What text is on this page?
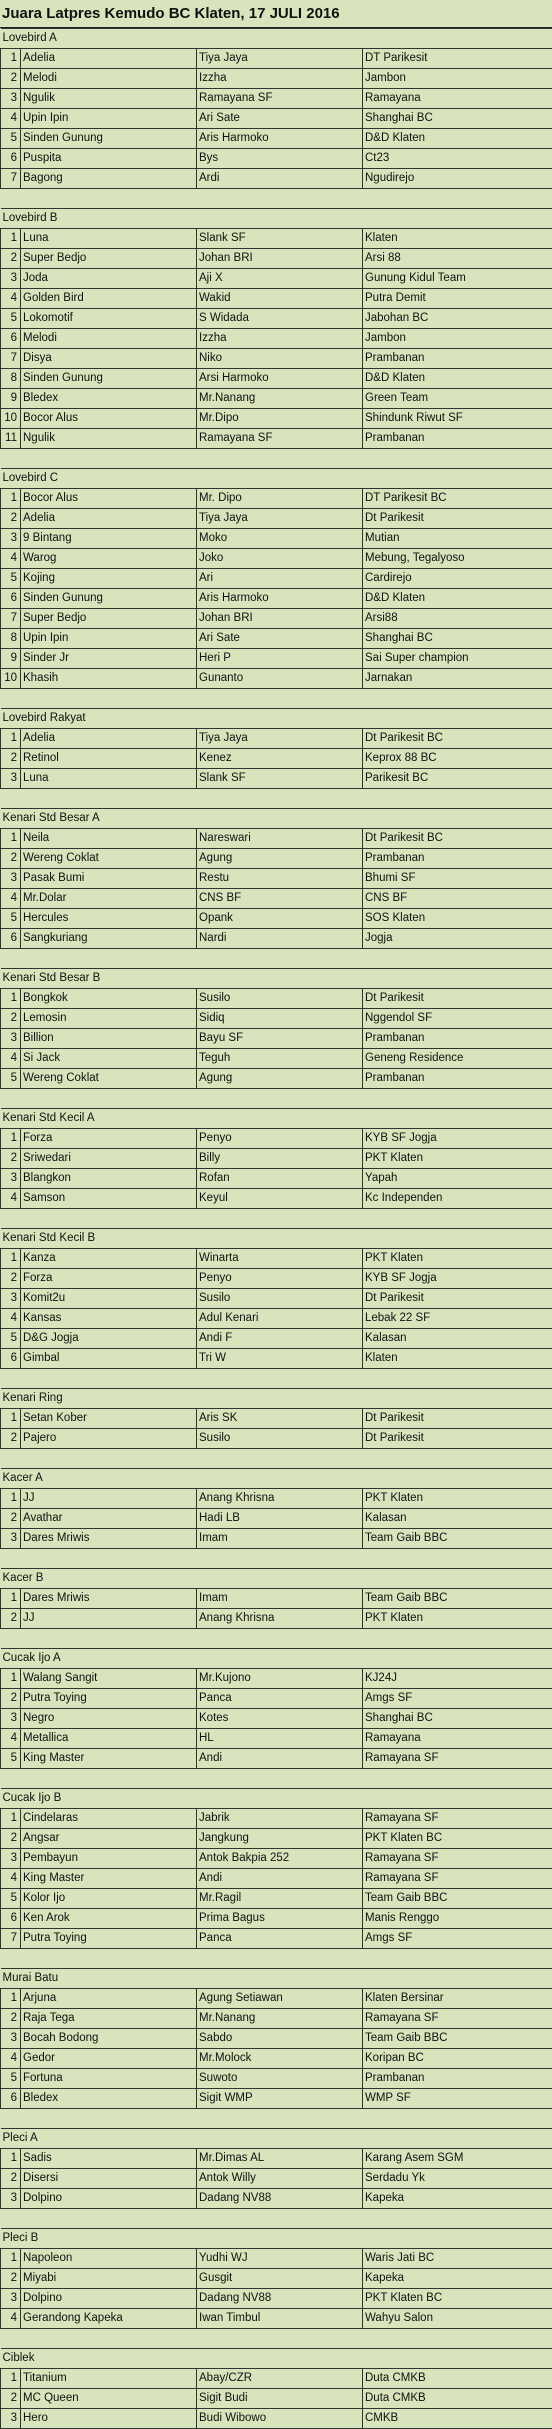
Juara Latpres Kemudo BC Klaten, 17 JULI 2016
Lovebird A			
1	Adelia	Tiya Jaya	DT Parikesit
2	Melodi	Izzha	Jambon
3	Ngulik	Ramayana SF	Ramayana
4	Upin Ipin	Ari Sate	Shanghai BC
5	Sinden Gunung	Aris Harmoko	D&D Klaten
6	Puspita	Bys	Ct23
7	Bagong	Ardi	Ngudirejo

Lovebird B			
1	Luna	Slank SF	Klaten
2	Super Bedjo	Johan BRI	Arsi 88
3	Joda	Aji X	Gunung Kidul Team
4	Golden Bird	Wakid	Putra Demit
5	Lokomotif	S Widada	Jabohan BC
6	Melodi	Izzha	Jambon
7	Disya	Niko	Prambanan
8	Sinden Gunung	Arsi Harmoko	D&D Klaten
9	Bledex	Mr.Nanang	Green Team
10	Bocor Alus	Mr.Dipo	Shindunk Riwut SF
11	Ngulik	Ramayana SF	Prambanan

Lovebird C			
1	Bocor Alus	Mr. Dipo	DT Parikesit BC
2	Adelia	Tiya Jaya	Dt Parikesit
3	9 Bintang	Moko	Mutian
4	Warog	Joko	Mebung, Tegalyoso
5	Kojing	Ari	Cardirejo
6	Sinden Gunung	Aris Harmoko	D&D Klaten
7	Super Bedjo	Johan BRI	Arsi88
8	Upin Ipin	Ari Sate	Shanghai BC
9	Sinder Jr	Heri P	Sai Super champion
10	Khasih	Gunanto	Jarnakan

Lovebird Rakyat			
1	Adelia	Tiya Jaya	Dt Parikesit BC
2	Retinol	Kenez	Keprox 88 BC
3	Luna	Slank SF	Parikesit BC

Kenari Std Besar A			
1	Neila	Nareswari	Dt Parikesit BC
2	Wereng Coklat	Agung	Prambanan
3	Pasak Bumi	Restu	Bhumi SF
4	Mr.Dolar	CNS BF	CNS BF
5	Hercules	Opank	SOS Klaten
6	Sangkuriang	Nardi	Jogja

Kenari Std Besar B			
1	Bongkok	Susilo	Dt Parikesit
2	Lemosin	Sidiq	Nggendol SF
3	Billion	Bayu SF	Prambanan
4	Si Jack	Teguh	Geneng Residence
5	Wereng Coklat	Agung	Prambanan

Kenari Std Kecil A			
1	Forza	Penyo	KYB SF Jogja
2	Sriwedari	Billy	PKT Klaten
3	Blangkon	Rofan	Yapah
4	Samson	Keyul	Kc Independen

Kenari Std Kecil B			
1	Kanza	Winarta	PKT Klaten
2	Forza	Penyo	KYB SF Jogja
3	Komit2u	Susilo	Dt Parikesit
4	Kansas	Adul Kenari	Lebak 22 SF
5	D&G Jogja	Andi F	Kalasan
6	Gimbal	Tri W	Klaten

Kenari Ring			
1	Setan Kober	Aris SK	Dt Parikesit
2	Pajero	Susilo	Dt Parikesit

Kacer A			
1	JJ	Anang Khrisna	PKT Klaten
2	Avathar	Hadi LB	Kalasan
3	Dares Mriwis	Imam	Team Gaib BBC

Kacer B			
1	Dares Mriwis	Imam	Team Gaib BBC
2	JJ	Anang Khrisna	PKT Klaten

Cucak Ijo A			
1	Walang Sangit	Mr.Kujono	KJ24J
2	Putra Toying	Panca	Amgs SF
3	Negro	Kotes	Shanghai BC
4	Metallica	HL	Ramayana
5	King Master	Andi	Ramayana SF

Cucak Ijo B			
1	Cindelaras	Jabrik	Ramayana SF
2	Angsar	Jangkung	PKT Klaten BC
3	Pembayun	Antok Bakpia 252	Ramayana SF
4	King Master	Andi	Ramayana SF
5	Kolor Ijo	Mr.Ragil	Team Gaib BBC
6	Ken Arok	Prima Bagus	Manis Renggo
7	Putra Toying	Panca	Amgs SF

Murai Batu			
1	Arjuna	Agung Setiawan	Klaten Bersinar
2	Raja Tega	Mr.Nanang	Ramayana SF
3	Bocah Bodong	Sabdo	Team Gaib BBC
4	Gedor	Mr.Molock	Koripan BC
5	Fortuna	Suwoto	Prambanan
6	Bledex	Sigit WMP	WMP SF

Pleci A			
1	Sadis	Mr.Dimas AL	Karang Asem SGM
2	Disersi	Antok Willy	Serdadu Yk
3	Dolpino	Dadang NV88	Kapeka

Pleci B			
1	Napoleon	Yudhi WJ	Waris Jati BC
2	Miyabi	Gusgit	Kapeka
3	Dolpino	Dadang NV88	PKT Klaten BC
4	Gerandong Kapeka	Iwan Timbul	Wahyu Salon

Ciblek			
1	Titanium	Abay/CZR	Duta CMKB
2	MC Queen	Sigit Budi	Duta CMKB
3	Hero	Budi Wibowo	CMKB
